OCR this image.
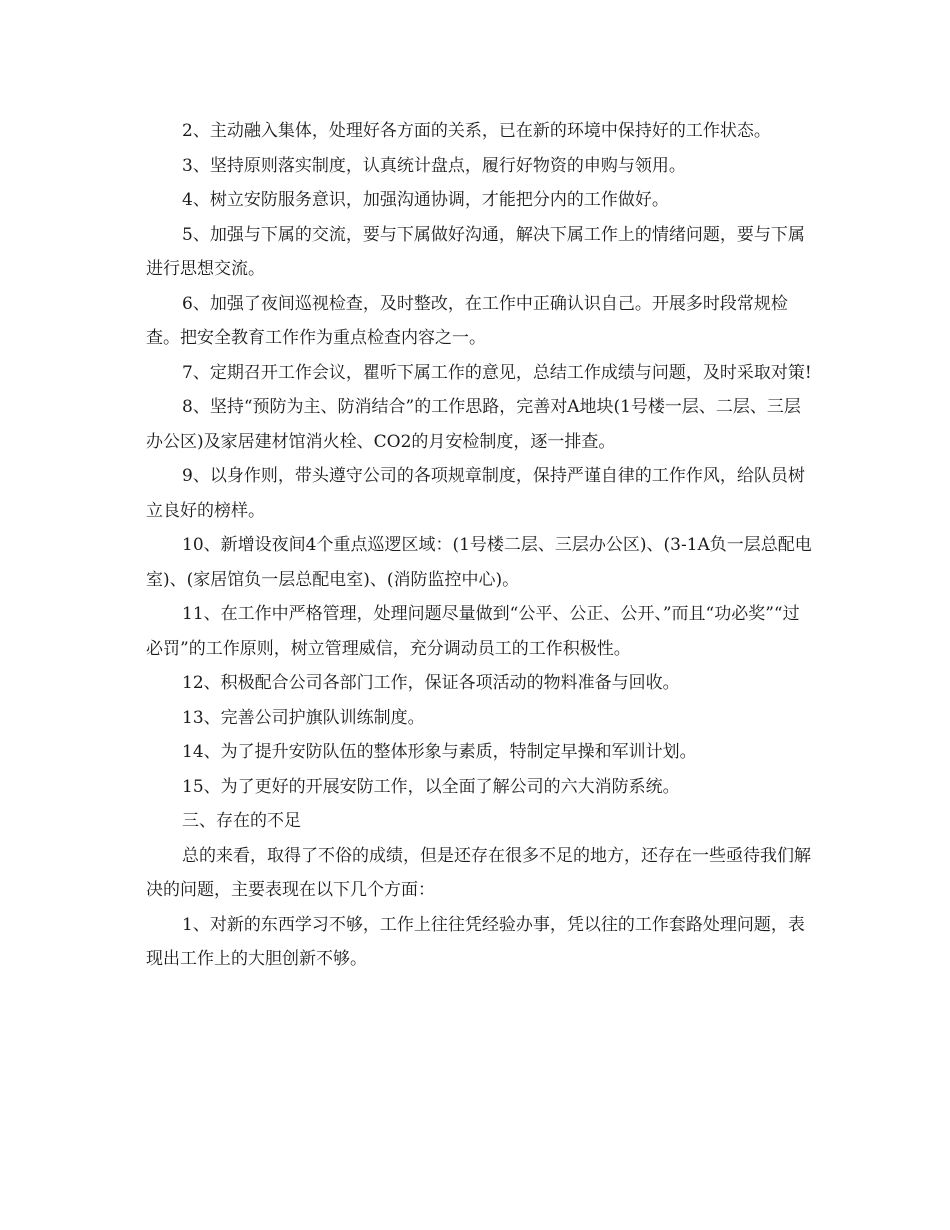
2、主动融入集体，处理好各方面的关系，已在新的环境中保持好的工作状态。

3、坚持原则落实制度，认真统计盘点，履行好物资的申购与领用。

4、树立安防服务意识，加强沟通协调，才能把分内的工作做好。

5、加强与下属的交流，要与下属做好沟通，解决下属工作上的情绪问题，要与下属进行思想交流。

6、加强了夜间巡视检查，及时整改，在工作中正确认识自己。开展多时段常规检查。把安全教育工作作为重点检查内容之一。

7、定期召开工作会议，瞿听下属工作的意见，总结工作成绩与问题，及时采取对策!

8、坚持“预防为主、防消结合”的工作思路，完善对A地块(1号楼一层、二层、三层办公区)及家居建材馆消火栓、CO2的月安检制度，逐一排查。

9、以身作则，带头遵守公司的各项规章制度，保持严谨自律的工作作风，给队员树立良好的榜样。

10、新增设夜间4个重点巡逻区域：(1号楼二层、三层办公区)、(3-1A负一层总配电室)、(家居馆负一层总配电室)、(消防监控中心)。

11、在工作中严格管理，处理问题尽量做到“公平、公正、公开、”而且“功必奖”“过必罚”的工作原则，树立管理威信，充分调动员工的工作积极性。

12、积极配合公司各部门工作，保证各项活动的物料准备与回收。

13、完善公司护旗队训练制度。

14、为了提升安防队伍的整体形象与素质，特制定早操和军训计划。

15、为了更好的开展安防工作，以全面了解公司的六大消防系统。

三、存在的不足

总的来看，取得了不俗的成绩，但是还存在很多不足的地方，还存在一些亟待我们解决的问题，主要表现在以下几个方面：

1、对新的东西学习不够，工作上往往凭经验办事，凭以往的工作套路处理问题，表现出工作上的大胆创新不够。
